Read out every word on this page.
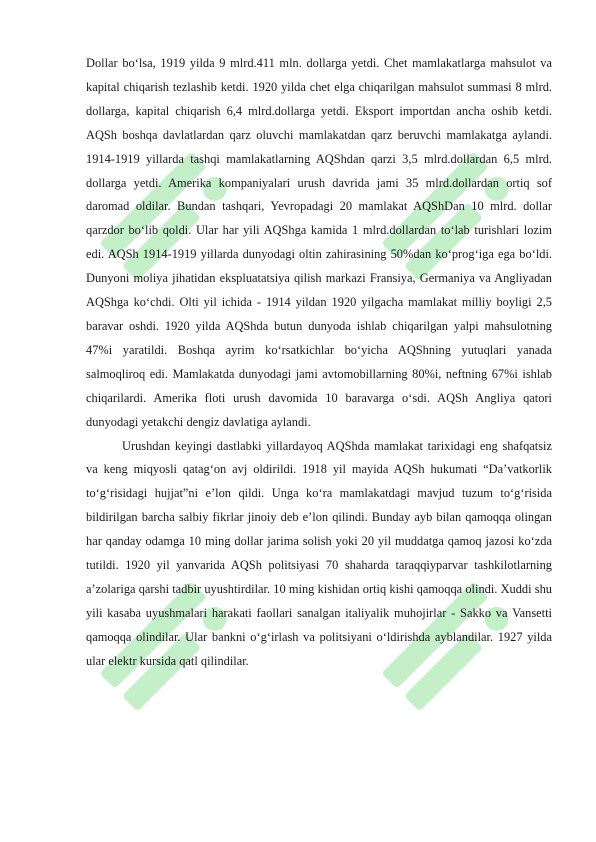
Dollar bo‘lsa, 1919 yilda 9 mlrd.411 mln. dollarga yetdi. Chet mamlakatlarga mahsulot va kapital chiqarish tezlashib ketdi. 1920 yilda chet elga chiqarilgan mahsulot summasi 8 mlrd. dollarga, kapital chiqarish 6,4 mlrd.dollarga yetdi. Eksport importdan ancha oshib ketdi. AQSh boshqa davlatlardan qarz oluvchi mamlakatdan qarz beruvchi mamlakatga aylandi. 1914-1919 yillarda tashqi mamlakatlarning AQShdan qarzi 3,5 mlrd.dollardan 6,5 mlrd. dollarga yetdi. Amerika kompaniyalari urush davrida jami 35 mlrd.dollardan ortiq sof daromad oldilar. Bundan tashqari, Yevropadagi 20 mamlakat AQShDan 10 mlrd. dollar qarzdor bo‘lib qoldi. Ular har yili AQShga kamida 1 mlrd.dollardan to‘lab turishlari lozim edi. AQSh 1914-1919 yillarda dunyodagi oltin zahirasining 50%dan ko‘prog‘iga ega bo‘ldi. Dunyoni moliya jihatidan ekspluatatsiya qilish markazi Fransiya, Germaniya va Angliyadan AQShga ko‘chdi. Olti yil ichida - 1914 yildan 1920 yilgacha mamlakat milliy boyligi 2,5 baravar oshdi. 1920 yilda AQShda butun dunyoda ishlab chiqarilgan yalpi mahsulotning 47%i yaratildi. Boshqa ayrim ko‘rsatkichlar bo‘yicha AQShning yutuqlari yanada salmoqliroq edi. Mamlakatda dunyodagi jami avtomobillarning 80%i, neftning 67%i ishlab chiqarilardi. Amerika floti urush davomida 10 baravarga o‘sdi. AQSh Angliya qatori dunyodagi yetakchi dengiz davlatiga aylandi.

Urushdan keyingi dastlabki yillardayoq AQShda mamlakat tarixidagi eng shafqatsiz va keng miqyosli qatag‘on avj oldirildi. 1918 yil mayida AQSh hukumati “Da’vatkorlik to‘g‘risidagi hujjat”ni e’lon qildi. Unga ko‘ra mamlakatdagi mavjud tuzum to‘g‘risida bildirilgan barcha salbiy fikrlar jinoiy deb e’lon qilindi. Bunday ayb bilan qamoqqa olingan har qanday odamga 10 ming dollar jarima solish yoki 20 yil muddatga qamoq jazosi ko‘zda tutildi. 1920 yil yanvarida AQSh politsiyasi 70 shaharda taraqqiyparvar tashkilotlarning a’zolariga qarshi tadbir uyushtirdilar. 10 ming kishidan ortiq kishi qamoqqa olindi. Xuddi shu yili kasaba uyushmalari harakati faollari sanalgan italiyalik muhojirlar - Sakko va Vansetti qamoqqa olindilar. Ular bankni o‘g‘irlash va politsiyani o‘ldirishda ayblandilar. 1927 yilda ular elektr kursida qatl qilindilar.
